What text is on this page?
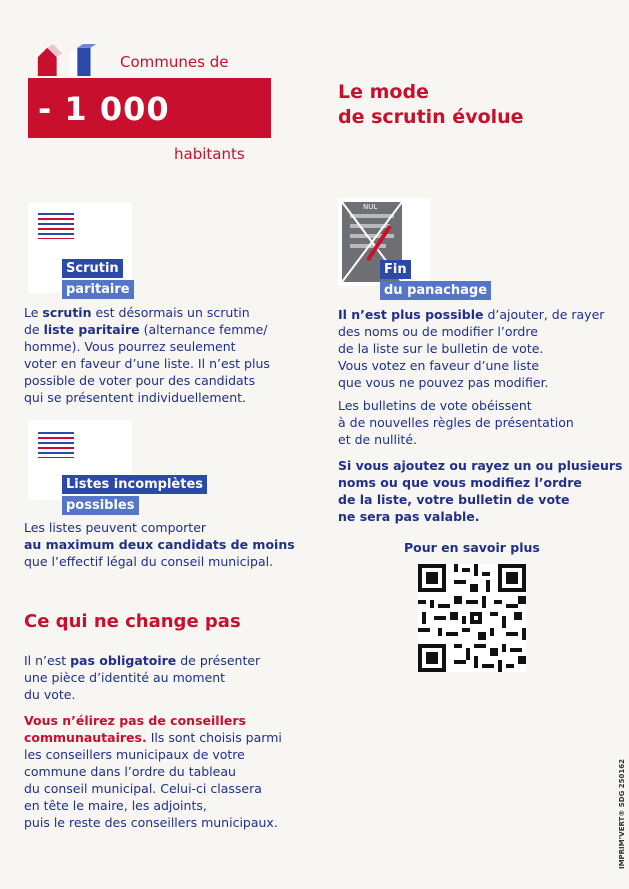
Communes de
- 1 000
habitants
Le mode
de scrutin évolue
Scrutin
paritaire
Le scrutin est désormais un scrutin
de liste paritaire (alternance femme/
homme). Vous pourrez seulement
voter en faveur d’une liste. Il n’est plus
possible de voter pour des candidats
qui se présentent individuellement.
Listes incomplètes
possibles
Les listes peuvent comporter
au maximum deux candidats de moins
que l’effectif légal du conseil municipal.
NUL
Fin
du panachage
Il n’est plus possible d’ajouter, de rayer
des noms ou de modifier l’ordre
de la liste sur le bulletin de vote.
Vous votez en faveur d’une liste
que vous ne pouvez pas modifier.
Les bulletins de vote obéissent
à de nouvelles règles de présentation
et de nullité.
Si vous ajoutez ou rayez un ou plusieurs
noms ou que vous modifiez l’ordre
de la liste, votre bulletin de vote
ne sera pas valable.
Pour en savoir plus
Ce qui ne change pas
Il n’est pas obligatoire de présenter
une pièce d’identité au moment
du vote.
Vous n’élirez pas de conseillers
communautaires. Ils sont choisis parmi
les conseillers municipaux de votre
commune dans l’ordre du tableau
du conseil municipal. Celui-ci classera
en tête le maire, les adjoints,
puis le reste des conseillers municipaux.	IMPRIM’VERT® SDG 250162
